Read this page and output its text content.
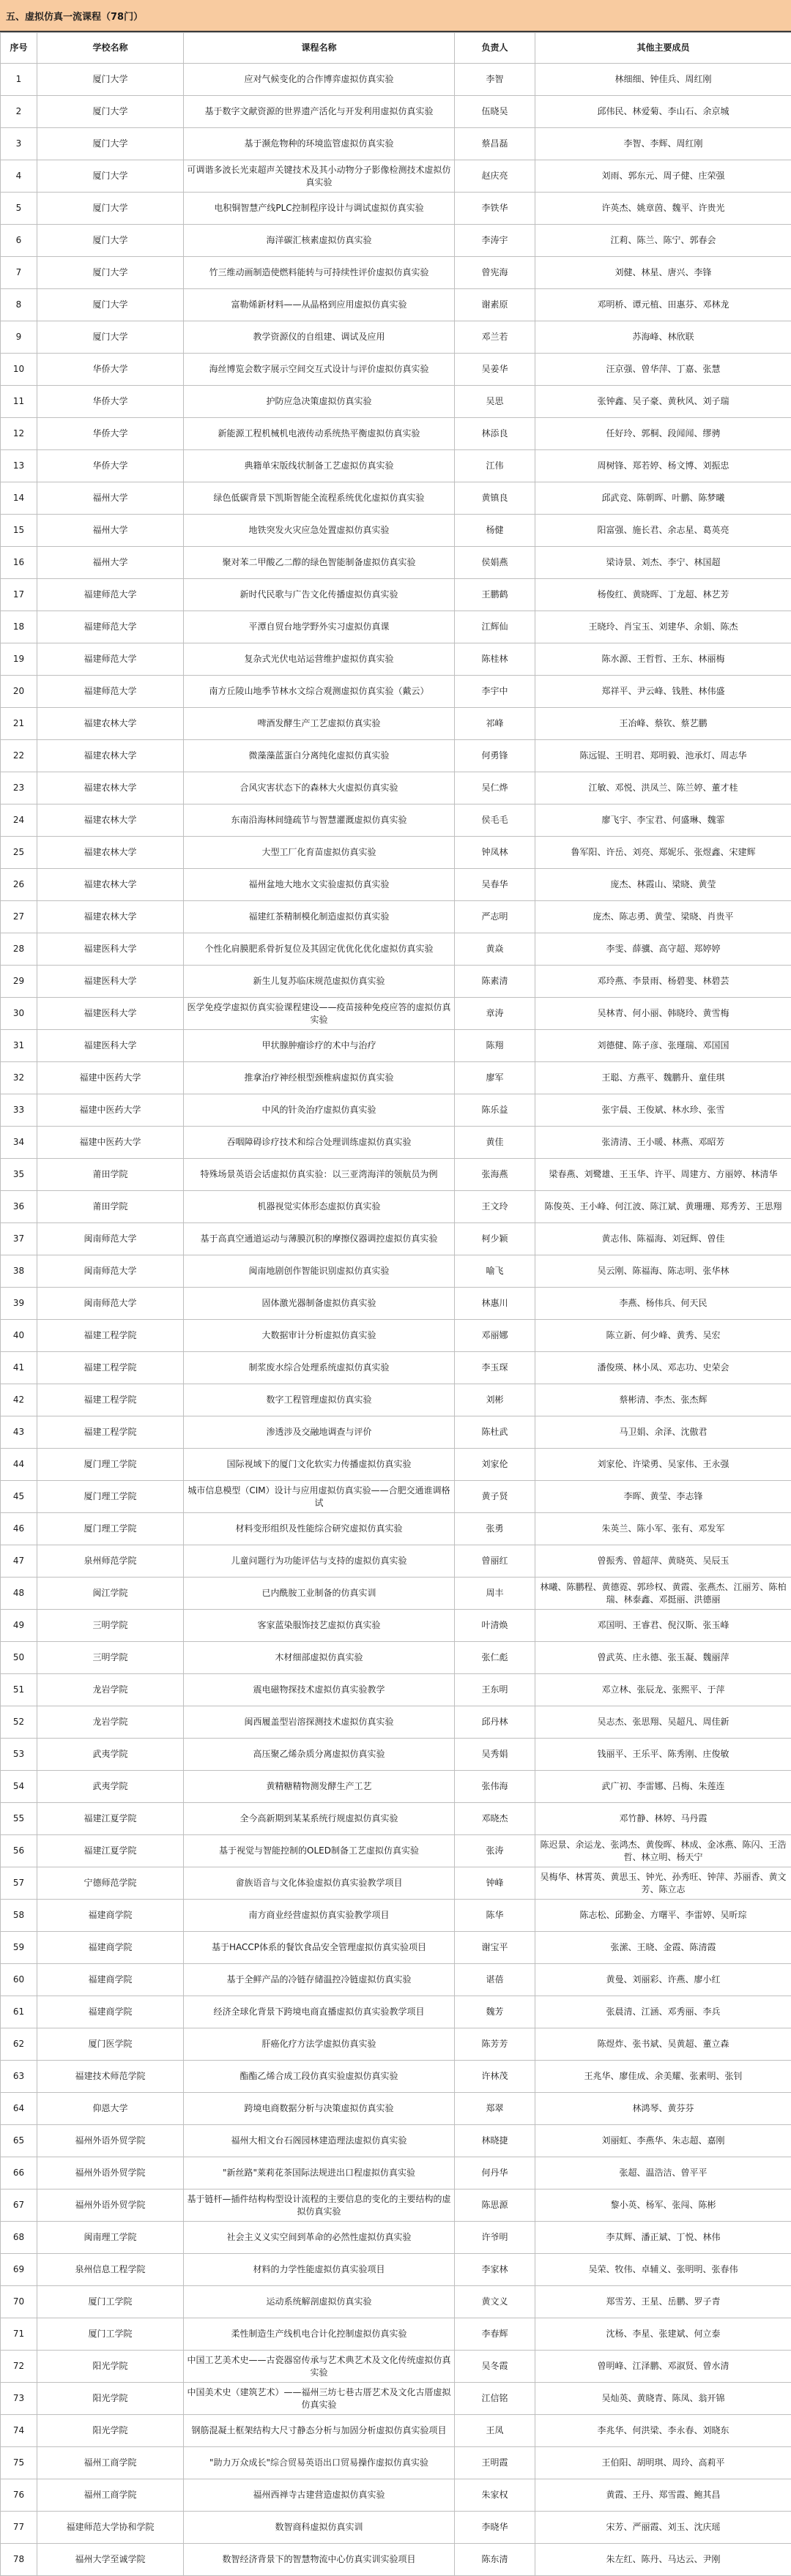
五、虚拟仿真一流课程（78门）
序号	学校名称	课程名称	负责人	其他主要成员
1	厦门大学	应对气候变化的合作博弈虚拟仿真实验	李智	林细细、钟佳兵、周红刚
2	厦门大学	基于数字文献资源的世界遗产活化与开发利用虚拟仿真实验	伍晓吴	邱伟民、林爱菊、李山石、余京城
3	厦门大学	基于濒危物种的环境监管虚拟仿真实验	蔡昌磊	李智、李辉、周红刚
4	厦门大学	可调谐多波长光束超声关键技术及其小动物分子影像检测技术虚拟仿真实验	赵庆亮	刘雨、郭东元、周子健、庄荣强
5	厦门大学	电积铜智慧产线PLC控制程序设计与调试虚拟仿真实验	李铁华	许英杰、姚章茵、魏平、许贵光
6	厦门大学	海洋碳汇核素虚拟仿真实验	李涛宇	江莉、陈兰、陈宁、郭春会
7	厦门大学	竹三维动画制造使燃料能转与可持续性评价虚拟仿真实验	曾宪海	刘健、林星、唐兴、李锋
8	厦门大学	富勒烯新材料——从晶格到应用虚拟仿真实验	谢素原	邓明桥、谭元植、田惠芬、邓林龙
9	厦门大学	教学资源仪的自组建、调试及应用	邓兰若	苏海峰、林欣联
10	华侨大学	海丝博览会数字展示空间交互式设计与评价虚拟仿真实验	吴姜华	汪京强、曾华萍、丁嘉、张慧
11	华侨大学	护防应急决策虚拟仿真实验	吴思	张钟鑫、吴子豪、黄秋风、刘子瑞
12	华侨大学	新能源工程机械机电液传动系统热平衡虚拟仿真实验	林添良	任好玲、郭桐、段闻闻、缪骋
13	华侨大学	典籍单宋版线状制备工艺虚拟仿真实验	江伟	周树锋、郑若婷、杨文博、刘振忠
14	福州大学	绿色低碳背景下凯斯智能全流程系统优化虚拟仿真实验	黄镇良	邱武竞、陈朝晖、叶鹏、陈梦曦
15	福州大学	地铁突发火灾应急处置虚拟仿真实验	杨健	阳富强、施长君、余志星、葛英亮
16	福州大学	聚对苯二甲酸乙二醇的绿色智能制备虚拟仿真实验	侯娟燕	梁诗景、刘杰、李宁、林国超
17	福建师范大学	新时代民歌与广告文化传播虚拟仿真实验	王鹏鹤	杨俊红、黄晓晖、丁龙超、林艺芳
18	福建师范大学	平潭自贸台地学野外实习虚拟仿真课	江辉仙	王晓玲、肖宝玉、刘建华、余娟、陈杰
19	福建师范大学	复杂式光伏电站运营维护虚拟仿真实验	陈桂林	陈水源、王哲哲、王东、林丽梅
20	福建师范大学	南方丘陵山地季节林水文综合观测虚拟仿真实验（戴云）	李宇中	郑祥平、尹云峰、钱胜、林伟盛
21	福建农林大学	啤酒发酵生产工艺虚拟仿真实验	祁峰	王冶峰、蔡钦、蔡艺鹏
22	福建农林大学	微藻藻蓝蛋白分离纯化虚拟仿真实验	何勇锋	陈远锟、王明君、郑明毅、池承灯、周志华
23	福建农林大学	合风灾害状态下的森林大火虚拟仿真实验	吴仁烨	江敏、邓悦、洪凤兰、陈兰婷、董才桂
24	福建农林大学	东南沿海林间缝疏节与智慧灌溉虚拟仿真实验	侯毛毛	廖飞宇、李宝君、何盛琳、魏霏
25	福建农林大学	大型工厂化育苗虚拟仿真实验	钟凤林	鲁军阳、许岳、刘亮、郑妮乐、张煜鑫、宋建辉
26	福建农林大学	福州盆地大地水文实验虚拟仿真实验	吴春华	庞杰、林霞山、梁晓、黄莹
27	福建农林大学	福建红茶精制模化制造虚拟仿真实验	严志明	庞杰、陈志勇、黄莹、梁晓、肖贵平
28	福建医科大学	个性化肩膜肥系骨折复位及其固定优优化优化虚拟仿真实验	黄焱	李雯、薛骥、高守超、郑婷婷
29	福建医科大学	新生儿复苏临床规范虚拟仿真实验	陈素清	邓玲燕、李景雨、杨碧斐、林碧芸
30	福建医科大学	医学免疫学虚拟仿真实验课程建设——疫苗接种免疫应答的虚拟仿真实验	章涛	吴林青、何小丽、韩晓玲、黄雪梅
31	福建医科大学	甲状腺肿瘤诊疗的术中与治疗	陈翔	刘德健、陈子彦、张瑾瑞、邓国国
32	福建中医药大学	推拿治疗神经根型颈椎病虚拟仿真实验	廖军	王聪、方燕平、魏鹏升、童佳琪
33	福建中医药大学	中风的针灸治疗虚拟仿真实验	陈乐益	张宇晨、王俊斌、林水珍、张雪
34	福建中医药大学	吞咽障碍诊疗技术和综合处理训练虚拟仿真实验	黄佳	张清清、王小暖、林燕、邓昭芳
35	莆田学院	特殊场景英语会话虚拟仿真实验：以三亚湾海洋的领航员为例	张海燕	梁春燕、刘鹭雄、王玉华、许平、周建方、方丽婷、林清华
36	莆田学院	机器视觉实体形态虚拟仿真实验	王文玲	陈俊英、王小峰、何江波、陈江斌、黄珊珊、郑秀芳、王思翔
37	闽南师范大学	基于高真空通道运动与薄膜沉积的摩擦仪器调控虚拟仿真实验	柯少颖	黄志伟、陈福海、刘冠辉、曾佳
38	闽南师范大学	闽南地剧创作智能识别虚拟仿真实验	喻飞	吴云刚、陈福海、陈志明、张华林
39	闽南师范大学	固体激光器制备虚拟仿真实验	林惠川	李燕、杨伟兵、何天民
40	福建工程学院	大数据审计分析虚拟仿真实验	邓丽娜	陈立新、何少峰、黄秀、吴宏
41	福建工程学院	制浆废水综合处理系统虚拟仿真实验	李玉琛	潘俊瑛、林小凤、邓志功、史荣会
42	福建工程学院	数字工程管理虚拟仿真实验	刘彬	蔡彬清、李杰、张杰辉
43	福建工程学院	渗透涉及交融地调查与评价	陈杜武	马卫娟、余泽、沈傲君
44	厦门理工学院	国际视域下的厦门文化软实力传播虚拟仿真实验	刘家伦	刘家伦、许梁勇、吴家伟、王永强
45	厦门理工学院	城市信息模型（CIM）设计与应用虚拟仿真实验——合肥交通谁调格试	黄子贤	李晖、黄莹、李志锋
46	厦门理工学院	材料变形组织及性能综合研究虚拟仿真实验	张勇	朱英兰、陈小军、张有、邓发军
47	泉州师范学院	儿童问题行为功能评估与支持的虚拟仿真实验	曾丽红	曾振秀、曾超萍、黄晓英、吴辰玉
48	闽江学院	已内酰胺工业制备的仿真实训	周丰	林曦、陈鹏程、黄德霓、郭珍权、黄霞、张燕杰、江丽芳、陈柏瑞、林泰鑫、邓挺丽、洪德丽
49	三明学院	客家蓝染服饰技艺虚拟仿真实验	叶清焕	邓国明、王睿君、倪汉斯、张玉峰
50	三明学院	木材细部虚拟仿真实验	张仁彪	曾武英、庄永德、张玉凝、魏丽萍
51	龙岩学院	震电磁物探技术虚拟仿真实验教学	王东明	邓立林、张辰龙、张熙平、于萍
52	龙岩学院	闽西履盖型岩溶探测技术虚拟仿真实验	邱丹林	吴志杰、张思翔、吴超凡、周佳新
53	武夷学院	高压聚乙烯杂质分离虚拟仿真实验	吴秀娟	钱丽平、王乐平、陈秀刚、庄俊敏
54	武夷学院	黄精糖精物测发酵生产工艺	张伟海	武广初、李雷娜、吕梅、朱莲连
55	福建江夏学院	全今高新期到某某系统行规虚拟仿真实验	邓晓杰	邓竹静、林婷、马丹霞
56	福建江夏学院	基于视觉与智能控制的OLED制备工艺虚拟仿真实验	张涛	陈迟景、余运龙、张鸿杰、黄俊晖、林成、金冰燕、陈闪、王浩哲、林立明、杨天宁
57	宁德师范学院	畲族语音与文化体验虚拟仿真实验教学项目	钟峰	吴梅华、林霄英、黄思玉、钟光、孙秀旺、钟萍、苏丽香、黄文芳、陈立志
58	福建商学院	南方商业经营虚拟仿真实验教学项目	陈华	陈志松、邱勤金、方曙平、李雷婷、吴昕琮
59	福建商学院	基于HACCP体系的餐饮食品安全管理虚拟仿真实验项目	谢宝平	张潆、王晓、金霞、陈清霞
60	福建商学院	基于全鲜产品的冷链存储温控冷链虚拟仿真实验	谌蓓	黄曼、刘丽彩、许燕、廖小红
61	福建商学院	经济全球化背景下跨境电商直播虚拟仿真实验教学项目	魏芳	张晨清、江涵、邓秀丽、李兵
62	厦门医学院	肝癌化疗方法学虚拟仿真实验	陈芳芳	陈煜炸、张书斌、吴黄超、董立森
63	福建技术师范学院	酯酯乙烯合成工段仿真实验虚拟仿真实验	许林茂	王兆华、廖佳成、余美耀、张素明、张钊
64	仰恩大学	跨境电商数据分析与决策虚拟仿真实验	郑翠	林鸿琴、黄芬芬
65	福州外语外贸学院	福州大相文台石阁园林建造理法虚拟仿真实验	林晓捷	刘丽虹、李燕华、朱志超、嘉刚
66	福州外语外贸学院	"新丝路"莱莉花茶国际法规进出口程虚拟仿真实验	何丹华	张超、温浩洁、曾平平
67	福州外语外贸学院	基于链杆—插件结构构型设计流程的主要信息的变化的主要结构的虚拟仿真实验	陈思源	黎小英、杨军、张闯、陈彬
68	闽南理工学院	社会主义义实空间到革命的必然性虚拟仿真实验	许爷明	李苁辉、潘正斌、丁悦、林伟
69	泉州信息工程学院	材料的力学性能虚拟仿真实验项目	李家林	吴荣、牧伟、卓辅义、张明明、张春伟
70	厦门工学院	运动系统解剖虚拟仿真实验	黄文义	郑雪芳、王星、岳鹏、罗子青
71	厦门工学院	柔性制造生产线机电合计化控制虚拟仿真实验	李春辉	沈杨、李星、张建斌、何立泰
72	阳光学院	中国工艺美术史——古瓷器窑传承与艺术典艺术及文化传统虚拟仿真实验	吴冬霞	曾明峰、江泽鹏、邓淑贤、曾水清
73	阳光学院	中国美术史（建筑艺术）——福州三坊七巷古厝艺术及文化古厝虚拟仿真实验	江信铭	吴灿英、黄晓青、陈凤、翁开锦
74	阳光学院	钢筋混凝土框架结构大尺寸静态分析与加固分析虚拟仿真实验项目	王凤	李兆华、何洪梁、李永春、刘晓东
75	福州工商学院	"助力万众成长"综合贸易英语出口贸易操作虚拟仿真实验	王明霞	王伯阳、胡明琪、周玲、高莉平
76	福州工商学院	福州西禅寺古建营造虚拟仿真实验	朱家权	黄霞、王丹、郑雪霞、鲍其昌
77	福建师范大学协和学院	数智商科虚拟仿真实训	李晓华	宋芳、严丽霞、刘玉、沈庆瑶
78	福州大学至诚学院	数智经济背景下的智慧物流中心仿真实训实验项目	陈东清	朱左红、陈丹、马达云、尹刚
